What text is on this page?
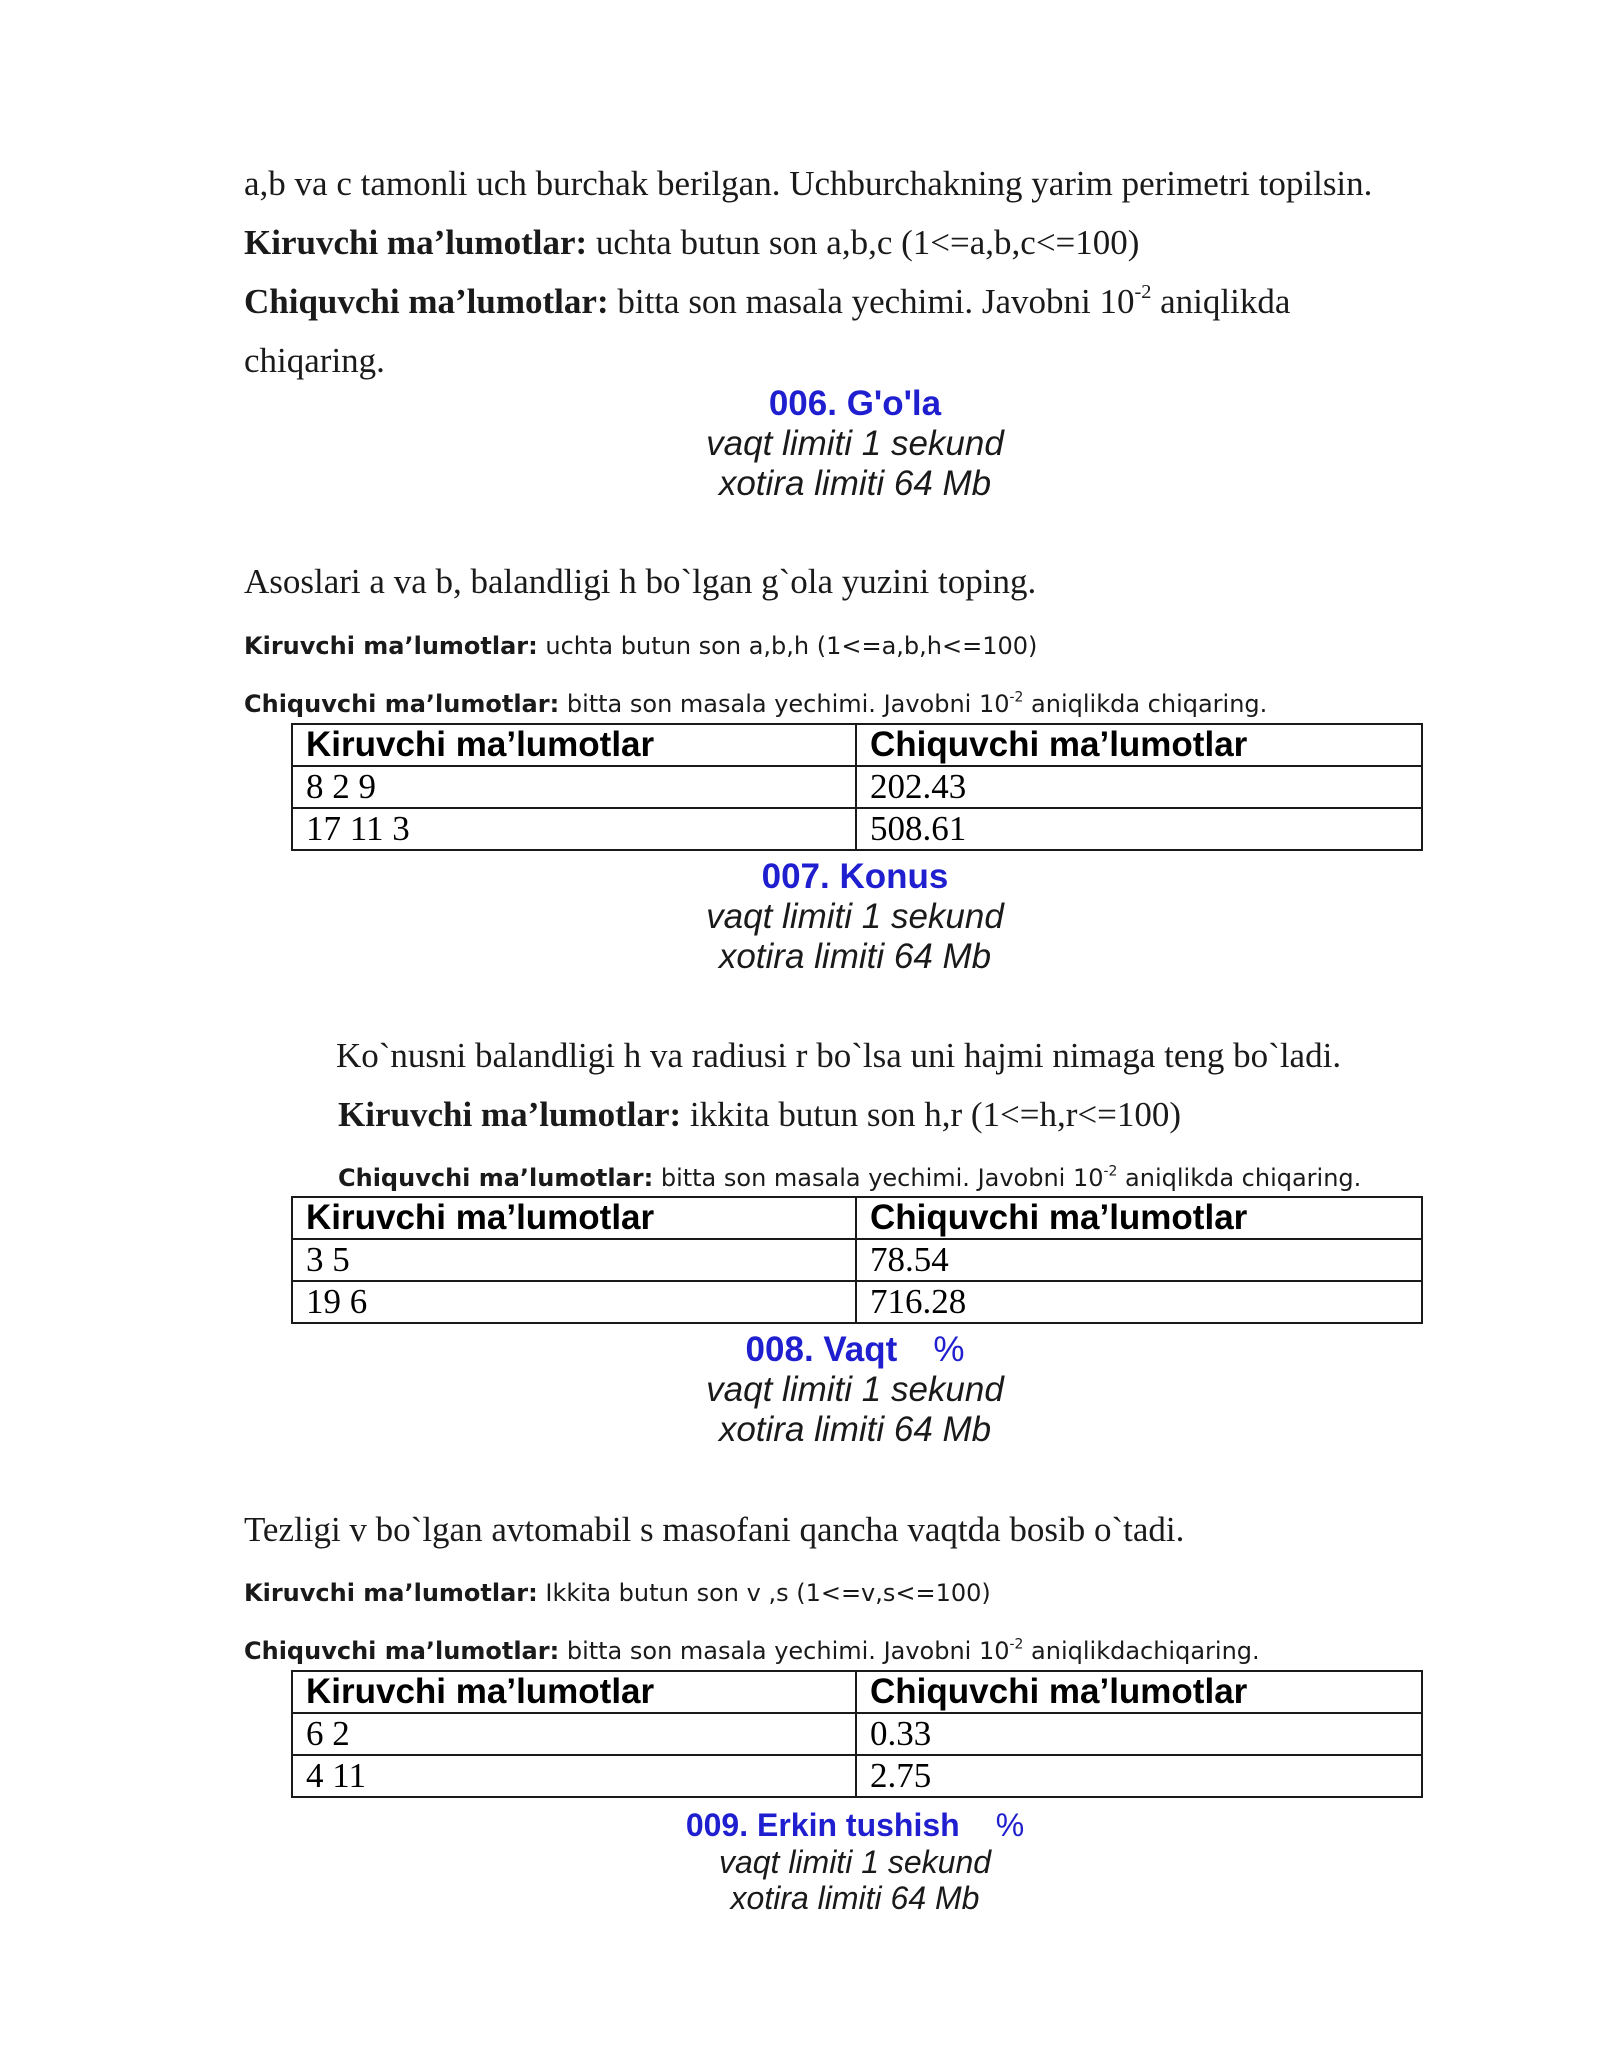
a,b va c tamonli uch burchak berilgan. Uchburchakning yarim perimetri topilsin.
Kiruvchi ma’lumotlar: uchta butun son a,b,c (1<=a,b,c<=100)
Chiquvchi ma’lumotlar: bitta son masala yechimi. Javobni $10^{-2}$ aniqlikda
chiqaring.
006. G'o'la
vaqt limiti 1 sekund
xotira limiti 64 Mb
Asoslari a va b, balandligi h bo`lgan g`ola yuzini toping.
Kiruvchi ma’lumotlar: uchta butun son a,b,h (1<=a,b,h<=100)
Chiquvchi ma’lumotlar: bitta son masala yechimi. Javobni $10^{-2}$ aniqlikda chiqaring.
Kiruvchi ma’lumotlar	Chiquvchi ma’lumotlar
8 2 9	202.43
17 11 3	508.61
007. Konus
vaqt limiti 1 sekund
xotira limiti 64 Mb
Ko`nusni balandligi h va radiusi r bo`lsa uni hajmi nimaga teng bo`ladi.
Kiruvchi ma’lumotlar: ikkita butun son h,r (1<=h,r<=100)
Chiquvchi ma’lumotlar: bitta son masala yechimi. Javobni $10^{-2}$ aniqlikda chiqaring.
Kiruvchi ma’lumotlar	Chiquvchi ma’lumotlar
3 5	78.54
19 6	716.28
008. Vaqt %
vaqt limiti 1 sekund
xotira limiti 64 Mb
Tezligi v bo`lgan avtomabil s masofani qancha vaqtda bosib o`tadi.
Kiruvchi ma’lumotlar: Ikkita butun son v ,s (1<=v,s<=100)
Chiquvchi ma’lumotlar: bitta son masala yechimi. Javobni $10^{-2}$ aniqlikdachiqaring.
Kiruvchi ma’lumotlar	Chiquvchi ma’lumotlar
6 2	0.33
4 11	2.75
009. Erkin tushish %
vaqt limiti 1 sekund
xotira limiti 64 Mb
